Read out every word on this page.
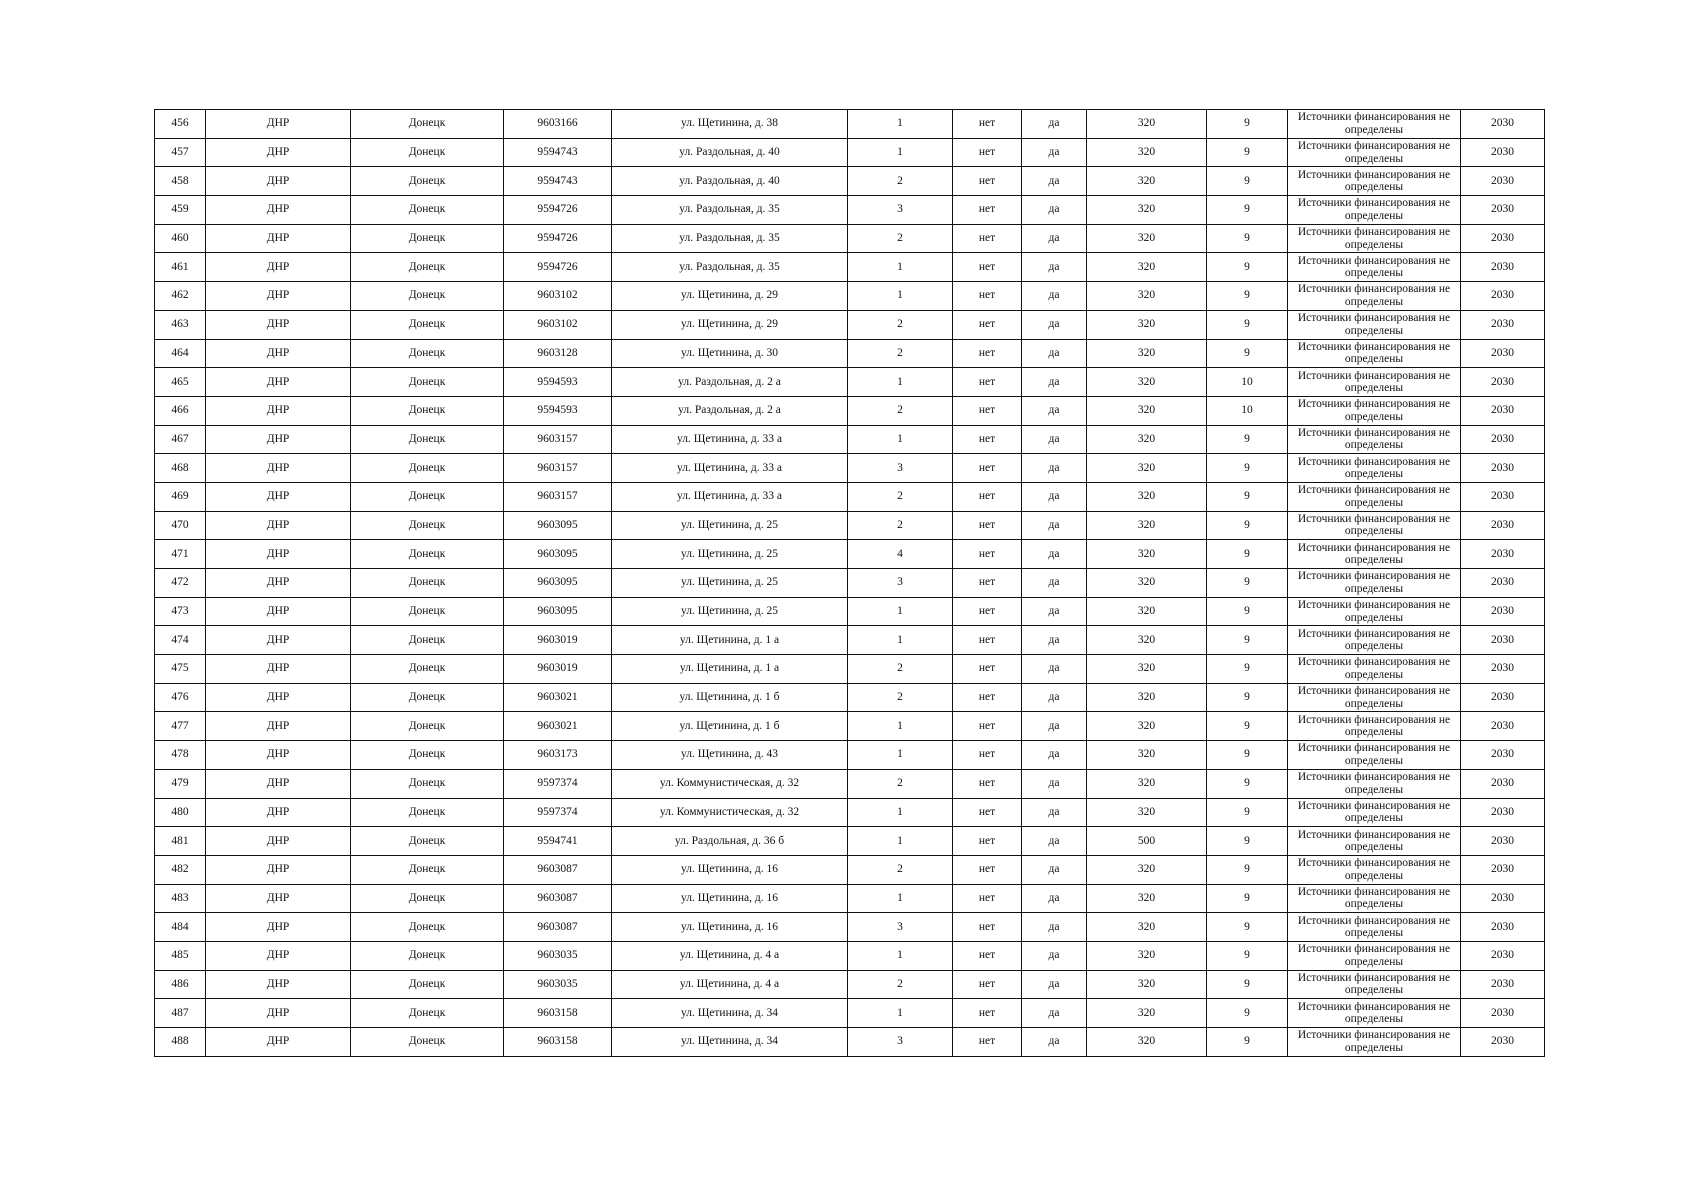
456	ДНР	Донецк	9603166	ул. Щетинина, д. 38	1	нет	да	320	9	Источники финансирования не определены	2030
457	ДНР	Донецк	9594743	ул. Раздольная, д. 40	1	нет	да	320	9	Источники финансирования не определены	2030
458	ДНР	Донецк	9594743	ул. Раздольная, д. 40	2	нет	да	320	9	Источники финансирования не определены	2030
459	ДНР	Донецк	9594726	ул. Раздольная, д. 35	3	нет	да	320	9	Источники финансирования не определены	2030
460	ДНР	Донецк	9594726	ул. Раздольная, д. 35	2	нет	да	320	9	Источники финансирования не определены	2030
461	ДНР	Донецк	9594726	ул. Раздольная, д. 35	1	нет	да	320	9	Источники финансирования не определены	2030
462	ДНР	Донецк	9603102	ул. Щетинина, д. 29	1	нет	да	320	9	Источники финансирования не определены	2030
463	ДНР	Донецк	9603102	ул. Щетинина, д. 29	2	нет	да	320	9	Источники финансирования не определены	2030
464	ДНР	Донецк	9603128	ул. Щетинина, д. 30	2	нет	да	320	9	Источники финансирования не определены	2030
465	ДНР	Донецк	9594593	ул. Раздольная, д. 2 а	1	нет	да	320	10	Источники финансирования не определены	2030
466	ДНР	Донецк	9594593	ул. Раздольная, д. 2 а	2	нет	да	320	10	Источники финансирования не определены	2030
467	ДНР	Донецк	9603157	ул. Щетинина, д. 33 а	1	нет	да	320	9	Источники финансирования не определены	2030
468	ДНР	Донецк	9603157	ул. Щетинина, д. 33 а	3	нет	да	320	9	Источники финансирования не определены	2030
469	ДНР	Донецк	9603157	ул. Щетинина, д. 33 а	2	нет	да	320	9	Источники финансирования не определены	2030
470	ДНР	Донецк	9603095	ул. Щетинина, д. 25	2	нет	да	320	9	Источники финансирования не определены	2030
471	ДНР	Донецк	9603095	ул. Щетинина, д. 25	4	нет	да	320	9	Источники финансирования не определены	2030
472	ДНР	Донецк	9603095	ул. Щетинина, д. 25	3	нет	да	320	9	Источники финансирования не определены	2030
473	ДНР	Донецк	9603095	ул. Щетинина, д. 25	1	нет	да	320	9	Источники финансирования не определены	2030
474	ДНР	Донецк	9603019	ул. Щетинина, д. 1 а	1	нет	да	320	9	Источники финансирования не определены	2030
475	ДНР	Донецк	9603019	ул. Щетинина, д. 1 а	2	нет	да	320	9	Источники финансирования не определены	2030
476	ДНР	Донецк	9603021	ул. Щетинина, д. 1 б	2	нет	да	320	9	Источники финансирования не определены	2030
477	ДНР	Донецк	9603021	ул. Щетинина, д. 1 б	1	нет	да	320	9	Источники финансирования не определены	2030
478	ДНР	Донецк	9603173	ул. Щетинина, д. 43	1	нет	да	320	9	Источники финансирования не определены	2030
479	ДНР	Донецк	9597374	ул. Коммунистическая, д. 32	2	нет	да	320	9	Источники финансирования не определены	2030
480	ДНР	Донецк	9597374	ул. Коммунистическая, д. 32	1	нет	да	320	9	Источники финансирования не определены	2030
481	ДНР	Донецк	9594741	ул. Раздольная, д. 36 б	1	нет	да	500	9	Источники финансирования не определены	2030
482	ДНР	Донецк	9603087	ул. Щетинина, д. 16	2	нет	да	320	9	Источники финансирования не определены	2030
483	ДНР	Донецк	9603087	ул. Щетинина, д. 16	1	нет	да	320	9	Источники финансирования не определены	2030
484	ДНР	Донецк	9603087	ул. Щетинина, д. 16	3	нет	да	320	9	Источники финансирования не определены	2030
485	ДНР	Донецк	9603035	ул. Щетинина, д. 4 а	1	нет	да	320	9	Источники финансирования не определены	2030
486	ДНР	Донецк	9603035	ул. Щетинина, д. 4 а	2	нет	да	320	9	Источники финансирования не определены	2030
487	ДНР	Донецк	9603158	ул. Щетинина, д. 34	1	нет	да	320	9	Источники финансирования не определены	2030
488	ДНР	Донецк	9603158	ул. Щетинина, д. 34	3	нет	да	320	9	Источники финансирования не определены	2030
